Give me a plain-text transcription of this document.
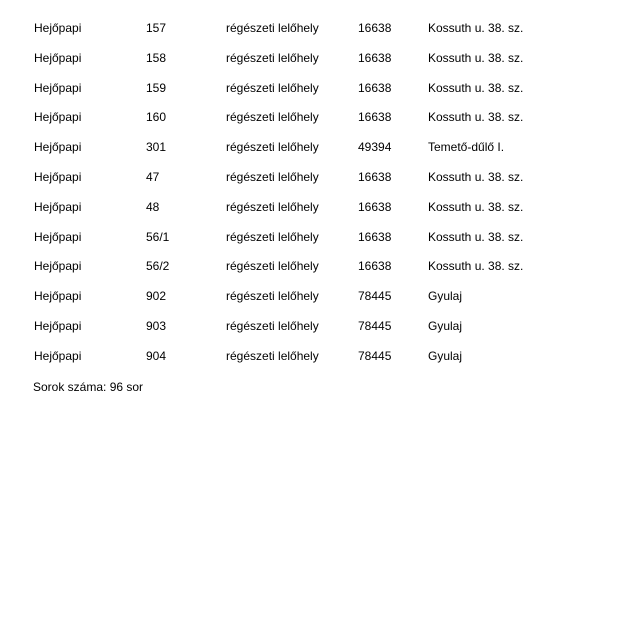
Hejőpapi	157	régészeti lelőhely	16638	Kossuth u. 38. sz.
Hejőpapi	158	régészeti lelőhely	16638	Kossuth u. 38. sz.
Hejőpapi	159	régészeti lelőhely	16638	Kossuth u. 38. sz.
Hejőpapi	160	régészeti lelőhely	16638	Kossuth u. 38. sz.
Hejőpapi	301	régészeti lelőhely	49394	Temető-dűlő I.
Hejőpapi	47	régészeti lelőhely	16638	Kossuth u. 38. sz.
Hejőpapi	48	régészeti lelőhely	16638	Kossuth u. 38. sz.
Hejőpapi	56/1	régészeti lelőhely	16638	Kossuth u. 38. sz.
Hejőpapi	56/2	régészeti lelőhely	16638	Kossuth u. 38. sz.
Hejőpapi	902	régészeti lelőhely	78445	Gyulaj
Hejőpapi	903	régészeti lelőhely	78445	Gyulaj
Hejőpapi	904	régészeti lelőhely	78445	Gyulaj
Sorok száma: 96 sor
